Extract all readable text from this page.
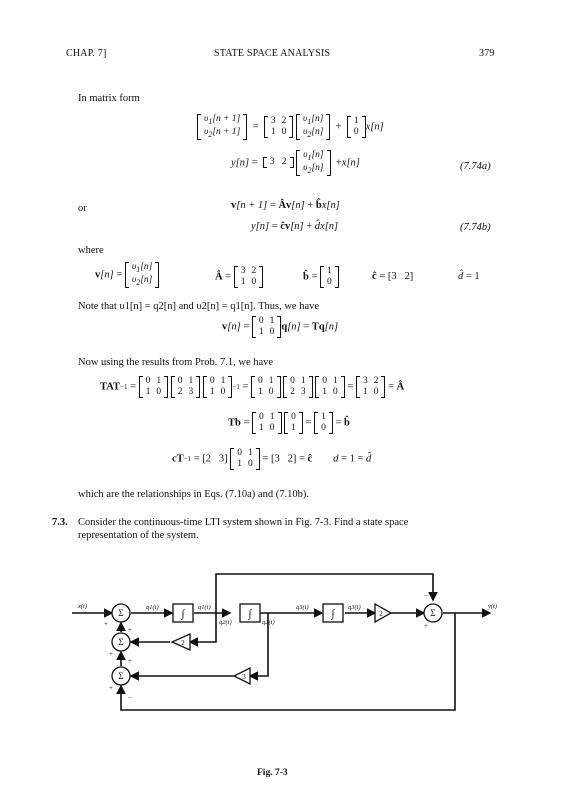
CHAP. 7]	STATE SPACE ANALYSIS	379
In matrix form
$\upsilon_1[n + 1]$
$\upsilon_2[n + 1]$ =
3	2
1	0

$\upsilon_1[n]$
$\upsilon_2[n]$ +
1
0 x[n]
y[n] = 3   2

$\upsilon_1[n]$
$\upsilon_2[n] +x[n]$	(7.74a)
or	v[n + 1] = Âv[n] + b̂x[n]
y[n] = ĉv[n] + d̂x[n]	(7.74b)
where
v[n] =
$\upsilon_1[n]$
$\upsilon_2[n]$	Â =
3	2
1	0	b̂ =
1
0	ĉ = [3   2]	d̂ = 1
Note that υ1[n] = q2[n] and υ2[n] = q1[n]. Thus, we have
v[n] =
0	1
1	0 q[n] = Tq[n]
Now using the results from Prob. 7.1, we have
TAT−1 =
0	1
1	0

0	1
2	3

0	1
1	0 −1 =
0	1
1	0

0	1
2	3

0	1
1	0 =
3	2
1	0 = Â
Tb =
0	1
1	0

0
1 =
1
0 = b̂
cT−1 = [2   3]
0	1
1	0 = [3   2] = ĉ d = 1 = d̂
which are the relationships in Eqs. (7.10a) and (7.10b).
7.3. Consider the continuous-time LTI system shown in Fig. 7-3. Find a state space
representation of the system.
Σ
Σ
Σ
Σ
∫	∫	∫	2
2
3
x(t)	y(t)
q̇1(t)	q1(t)
q̇2(t)	q2(t)
q̇3(t)	q3(t)
+
+
+
+
+
−
−
+
Fig. 7-3
